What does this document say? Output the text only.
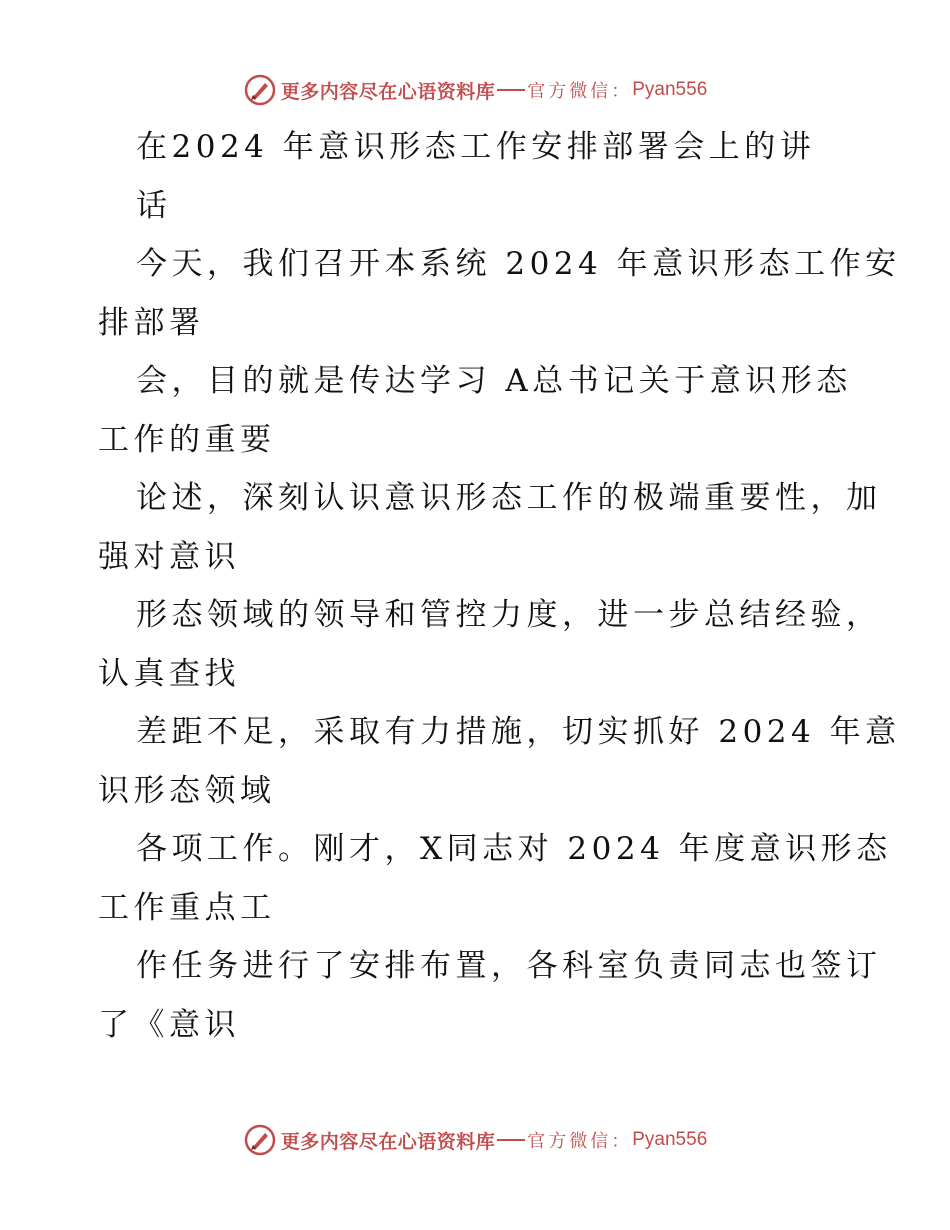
更多内容尽在心语资料库 官方微信： Pyan556
在2024 年意识形态工作安排部署会上的讲
话
今天，我们召开本系统 2024 年意识形态工作安
排部署
会，目的就是传达学习 A总书记关于意识形态
工作的重要
论述，深刻认识意识形态工作的极端重要性，加
强对意识
形态领域的领导和管控力度，进一步总结经验，
认真查找
差距不足，采取有力措施，切实抓好 2024 年意
识形态领域
各项工作。刚才，X同志对 2024 年度意识形态
工作重点工
作任务进行了安排布置，各科室负责同志也签订
了《意识
更多内容尽在心语资料库 官方微信： Pyan556
